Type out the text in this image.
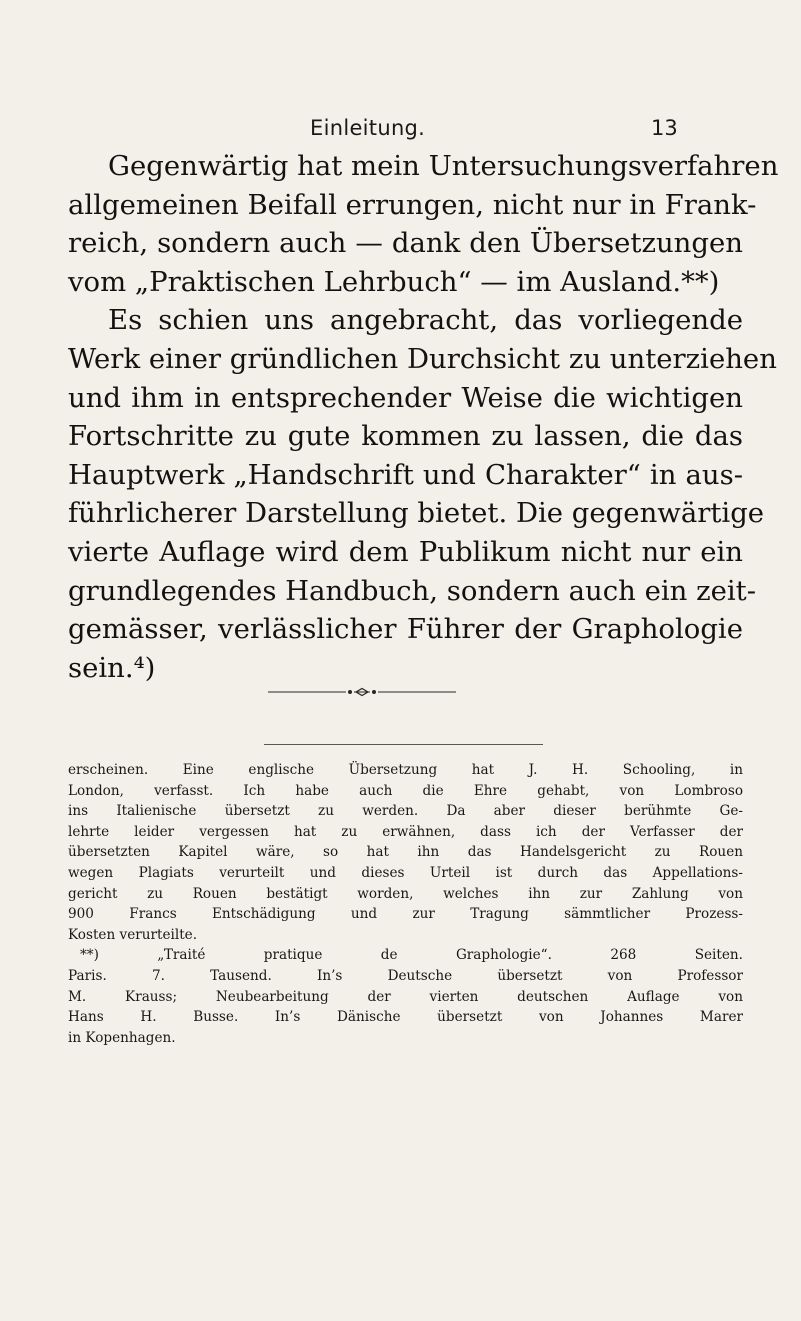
Einleitung.	13

Gegenwärtig hat mein Untersuchungsverfahren
allgemeinen Beifall errungen, nicht nur in Frank-
reich, sondern auch — dank den Übersetzungen
vom „Praktischen Lehrbuch“ — im Ausland.**)

Es schien uns angebracht, das vorliegende
Werk einer gründlichen Durchsicht zu unterziehen
und ihm in entsprechender Weise die wichtigen
Fortschritte zu gute kommen zu lassen, die das
Hauptwerk „Handschrift und Charakter“ in aus-
führlicherer Darstellung bietet. Die gegenwärtige
vierte Auflage wird dem Publikum nicht nur ein
grundlegendes Handbuch, sondern auch ein zeit-
gemässer, verlässlicher Führer der Graphologie
sein.⁴)

erscheinen. Eine englische Übersetzung hat J. H. Schooling, in
London, verfasst. Ich habe auch die Ehre gehabt, von Lombroso
ins Italienische übersetzt zu werden. Da aber dieser berühmte Ge-
lehrte leider vergessen hat zu erwähnen, dass ich der Verfasser der
übersetzten Kapitel wäre, so hat ihn das Handelsgericht zu Rouen
wegen Plagiats verurteilt und dieses Urteil ist durch das Appellations-
gericht zu Rouen bestätigt worden, welches ihn zur Zahlung von
900 Francs Entschädigung und zur Tragung sämmtlicher Prozess-
Kosten verurteilte.
**) „Traité pratique de Graphologie“. 268 Seiten.
Paris. 7. Tausend. In’s Deutsche übersetzt von Professor
M. Krauss; Neubearbeitung der vierten deutschen Auflage von
Hans H. Busse. In’s Dänische übersetzt von Johannes Marer
in Kopenhagen.
